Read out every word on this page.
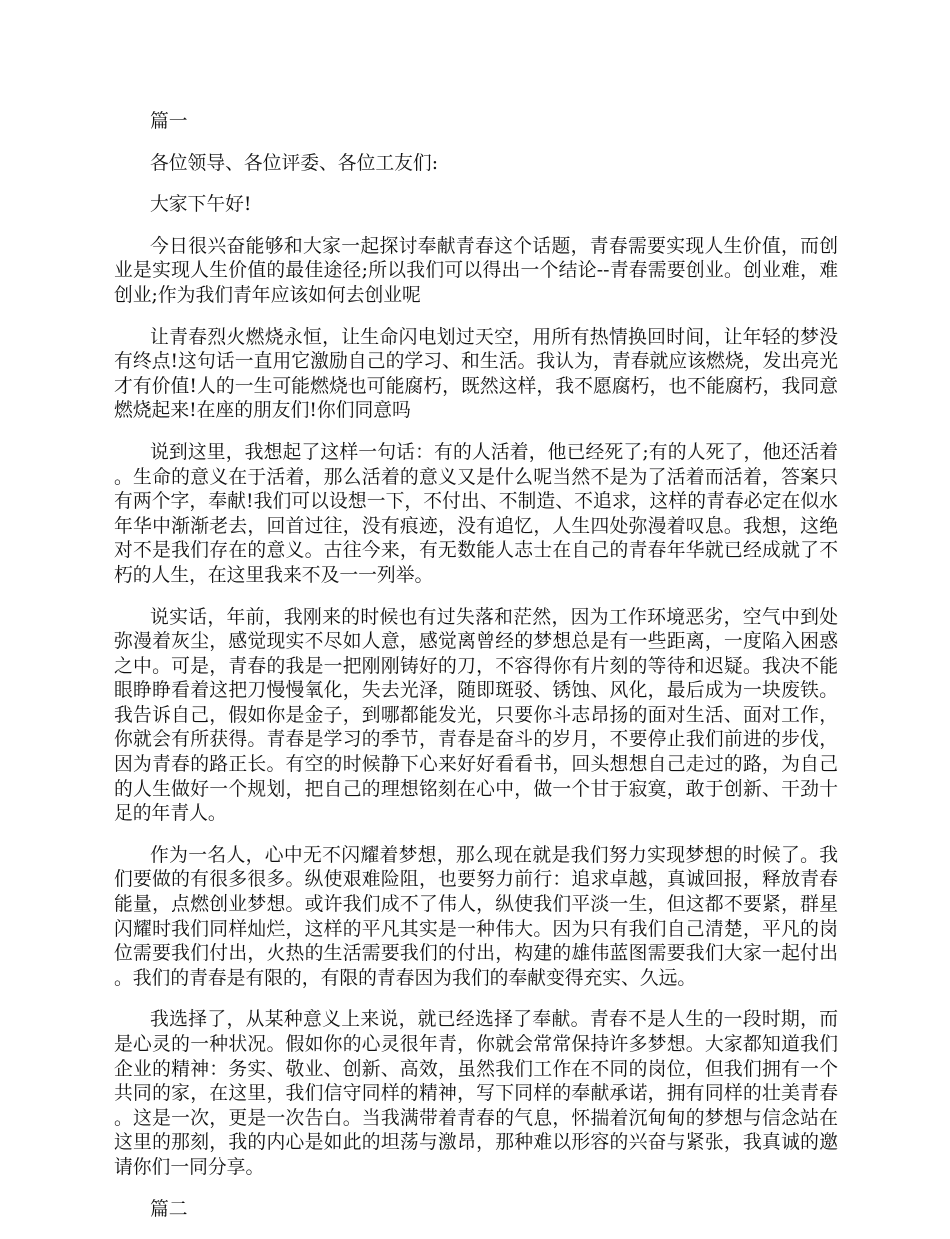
篇一

各位领导、各位评委、各位工友们:

大家下午好!

今日很兴奋能够和大家一起探讨奉献青春这个话题，青春需要实现人生价值，而创业是实现人生价值的最佳途径;所以我们可以得出一个结论--青春需要创业。创业难，难创业;作为我们青年应该如何去创业呢

让青春烈火燃烧永恒，让生命闪电划过天空，用所有热情换回时间，让年轻的梦没有终点!这句话一直用它激励自己的学习、和生活。我认为，青春就应该燃烧，发出亮光才有价值!人的一生可能燃烧也可能腐朽，既然这样，我不愿腐朽，也不能腐朽，我同意燃烧起来!在座的朋友们!你们同意吗

说到这里，我想起了这样一句话：有的人活着，他已经死了;有的人死了，他还活着。生命的意义在于活着，那么活着的意义又是什么呢当然不是为了活着而活着，答案只有两个字，奉献!我们可以设想一下，不付出、不制造、不追求，这样的青春必定在似水年华中渐渐老去，回首过往，没有痕迹，没有追忆，人生四处弥漫着叹息。我想，这绝对不是我们存在的意义。古往今来，有无数能人志士在自己的青春年华就已经成就了不朽的人生，在这里我来不及一一列举。

说实话，年前，我刚来的时候也有过失落和茫然，因为工作环境恶劣，空气中到处弥漫着灰尘，感觉现实不尽如人意，感觉离曾经的梦想总是有一些距离，一度陷入困惑之中。可是，青春的我是一把刚刚铸好的刀，不容得你有片刻的等待和迟疑。我决不能眼睁睁看着这把刀慢慢氧化，失去光泽，随即斑驳、锈蚀、风化，最后成为一块废铁。我告诉自己，假如你是金子，到哪都能发光，只要你斗志昂扬的面对生活、面对工作，你就会有所获得。青春是学习的季节，青春是奋斗的岁月，不要停止我们前进的步伐，因为青春的路正长。有空的时候静下心来好好看看书，回头想想自己走过的路，为自己的人生做好一个规划，把自己的理想铭刻在心中，做一个甘于寂寞，敢于创新、干劲十足的年青人。

作为一名人，心中无不闪耀着梦想，那么现在就是我们努力实现梦想的时候了。我们要做的有很多很多。纵使艰难险阻，也要努力前行：追求卓越，真诚回报，释放青春能量，点燃创业梦想。或许我们成不了伟人，纵使我们平淡一生，但这都不要紧，群星闪耀时我们同样灿烂，这样的平凡其实是一种伟大。因为只有我们自己清楚，平凡的岗位需要我们付出，火热的生活需要我们的付出，构建的雄伟蓝图需要我们大家一起付出。我们的青春是有限的，有限的青春因为我们的奉献变得充实、久远。

我选择了，从某种意义上来说，就已经选择了奉献。青春不是人生的一段时期，而是心灵的一种状况。假如你的心灵很年青，你就会常常保持许多梦想。大家都知道我们企业的精神：务实、敬业、创新、高效，虽然我们工作在不同的岗位，但我们拥有一个共同的家，在这里，我们信守同样的精神，写下同样的奉献承诺，拥有同样的壮美青春。这是一次，更是一次告白。当我满带着青春的气息，怀揣着沉甸甸的梦想与信念站在这里的那刻，我的内心是如此的坦荡与激昂，那种难以形容的兴奋与紧张，我真诚的邀请你们一同分享。

篇二
